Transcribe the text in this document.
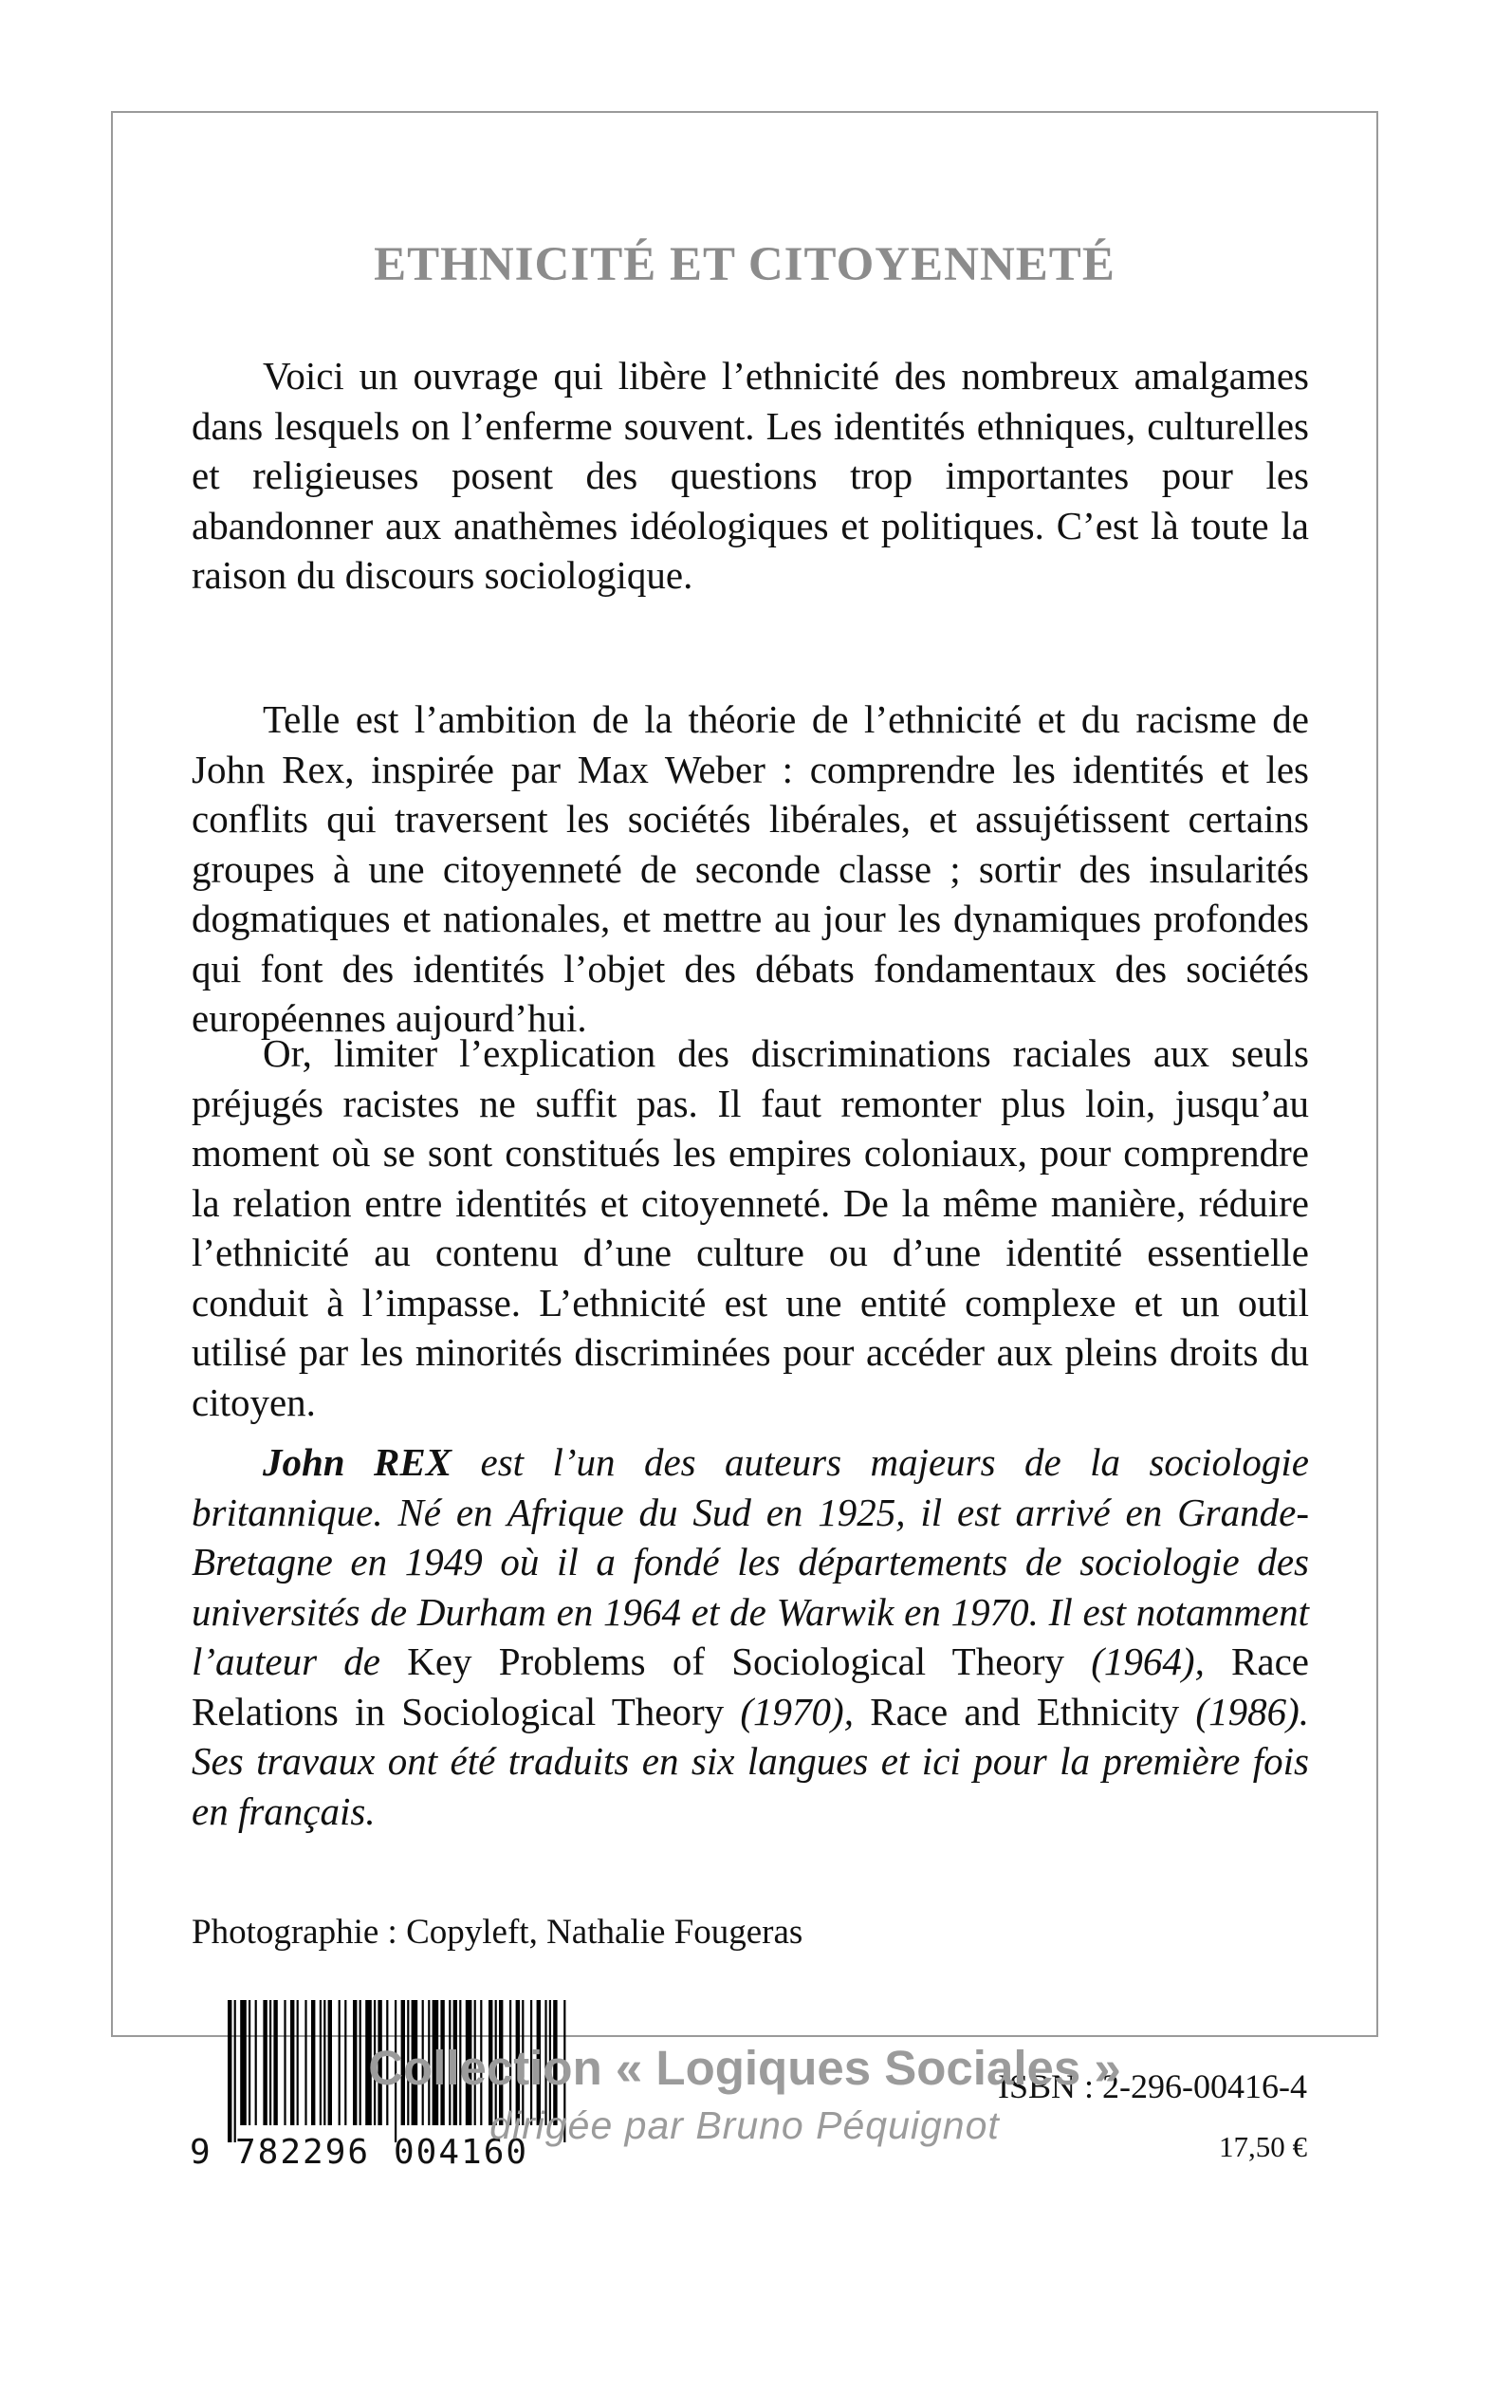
ETHNICITÉ ET CITOYENNETÉ

Voici un ouvrage qui libère l’ethnicité des nombreux amalgames dans lesquels on l’enferme souvent. Les identités ethniques, culturelles et religieuses posent des questions trop importantes pour les abandonner aux anathèmes idéologiques et politiques. C’est là toute la raison du discours sociologique.

Telle est l’ambition de la théorie de l’ethnicité et du racisme de John Rex, inspirée par Max Weber : comprendre les identités et les conflits qui traversent les sociétés libérales, et assujétissent certains groupes à une citoyenneté de seconde classe ; sortir des insularités dogmatiques et nationales, et mettre au jour les dynamiques profondes qui font des identités l’objet des débats fondamentaux des sociétés européennes aujourd’hui.

Or, limiter l’explication des discriminations raciales aux seuls préjugés racistes ne suffit pas. Il faut remonter plus loin, jusqu’au moment où se sont constitués les empires coloniaux, pour comprendre la relation entre identités et citoyenneté. De la même manière, réduire l’ethnicité au contenu d’une culture ou d’une identité essentielle conduit à l’impasse. L’ethnicité est une entité complexe et un outil utilisé par les minorités discriminées pour accéder aux pleins droits du citoyen.

John REX est l’un des auteurs majeurs de la sociologie britannique. Né en Afrique du Sud en 1925, il est arrivé en Grande-Bretagne en 1949 où il a fondé les départements de sociologie des universités de Durham en 1964 et de Warwik en 1970. Il est notamment l’auteur de Key Problems of Sociological Theory (1964), Race Relations in Sociological Theory (1970), Race and Ethnicity (1986). Ses travaux ont été traduits en six langues et ici pour la première fois en français.

Photographie : Copyleft, Nathalie Fougeras
9 782296 004160
ISBN : 2-296-00416-4
17,50 €
Collection « Logiques Sociales »
dirigée par Bruno Péquignot
